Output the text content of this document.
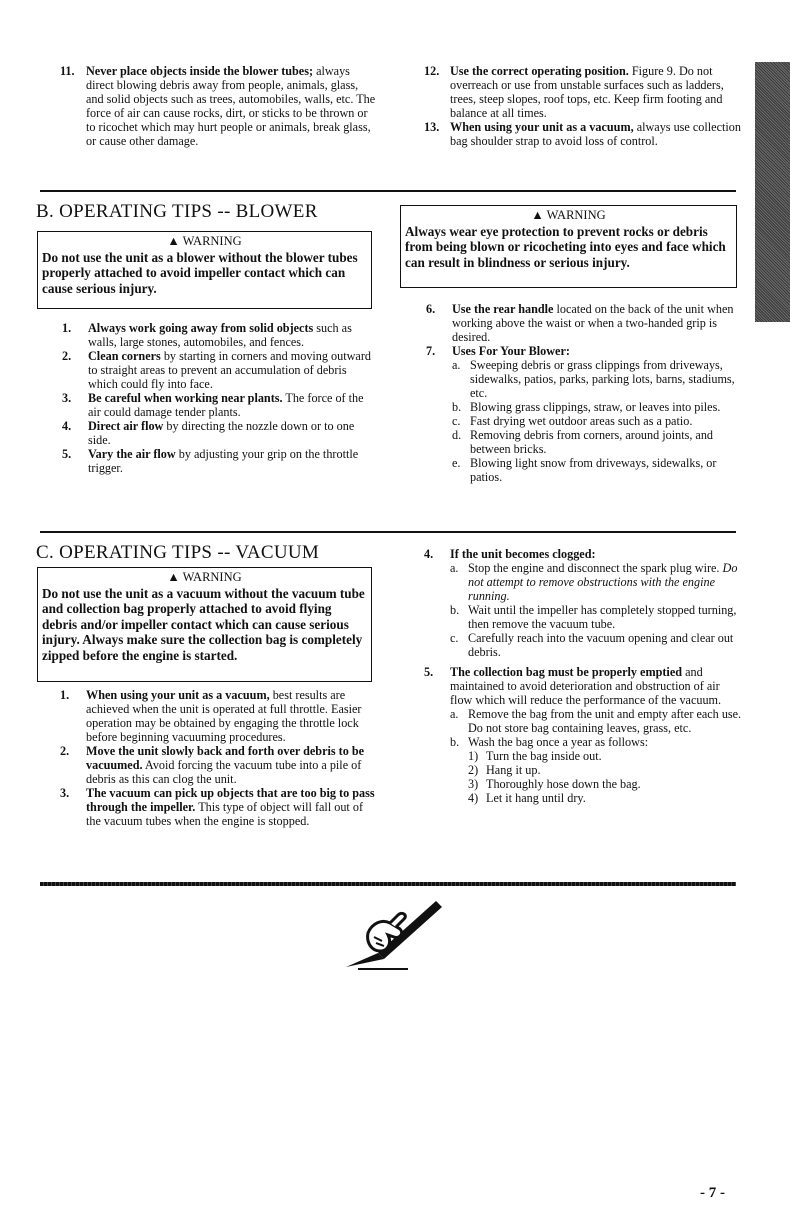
11. Never place objects inside the blower tubes; always direct blowing debris away from people, animals, glass, and solid objects such as trees, automobiles, walls, etc. The force of air can cause rocks, dirt, or sticks to be thrown or to ricochet which may hurt people or animals, break glass, or cause other damage.

12. Use the correct operating position. Figure 9. Do not overreach or use from unstable surfaces such as ladders, trees, steep slopes, roof tops, etc. Keep firm footing and balance at all times.

13. When using your unit as a vacuum, always use collection bag shoulder strap to avoid loss of control.

B. OPERATING TIPS -- BLOWER
▲ WARNING
Do not use the unit as a blower without the blower tubes properly attached to avoid impeller contact which can cause serious injury.

1. Always work going away from solid objects such as walls, large stones, automobiles, and fences.

2. Clean corners by starting in corners and moving outward to straight areas to prevent an accumulation of debris which could fly into face.

3. Be careful when working near plants. The force of the air could damage tender plants.

4. Direct air flow by directing the nozzle down or to one side.

5. Vary the air flow by adjusting your grip on the throttle trigger.

▲ WARNING
Always wear eye protection to prevent rocks or debris from being blown or ricocheting into eyes and face which can result in blindness or serious injury.

6. Use the rear handle located on the back of the unit when working above the waist or when a two-handed grip is desired.

7. Uses For Your Blower:

a. Sweeping debris or grass clippings from driveways, sidewalks, patios, parks, parking lots, barns, stadiums, etc.

b. Blowing grass clippings, straw, or leaves into piles.

c. Fast drying wet outdoor areas such as a patio.

d. Removing debris from corners, around joints, and between bricks.

e. Blowing light snow from driveways, sidewalks, or patios.

C. OPERATING TIPS -- VACUUM
▲ WARNING
Do not use the unit as a vacuum without the vacuum tube and collection bag properly attached to avoid flying debris and/or impeller contact which can cause serious injury. Always make sure the collection bag is completely zipped before the engine is started.

1. When using your unit as a vacuum, best results are achieved when the unit is operated at full throttle. Easier operation may be obtained by engaging the throttle lock before beginning vacuuming procedures.

2. Move the unit slowly back and forth over debris to be vacuumed. Avoid forcing the vacuum tube into a pile of debris as this can clog the unit.

3. The vacuum can pick up objects that are too big to pass through the impeller. This type of object will fall out of the vacuum tubes when the engine is stopped.

4. If the unit becomes clogged:

a. Stop the engine and disconnect the spark plug wire. Do not attempt to remove obstructions with the engine running.

b. Wait until the impeller has completely stopped turning, then remove the vacuum tube.

c. Carefully reach into the vacuum opening and clear out debris.

5. The collection bag must be properly emptied and maintained to avoid deterioration and obstruction of air flow which will reduce the performance of the vacuum.

a. Remove the bag from the unit and empty after each use. Do not store bag containing leaves, grass, etc.

b. Wash the bag once a year as follows:

1) Turn the bag inside out.

2) Hang it up.

3) Thoroughly hose down the bag.

4) Let it hang until dry.

- 7 -
